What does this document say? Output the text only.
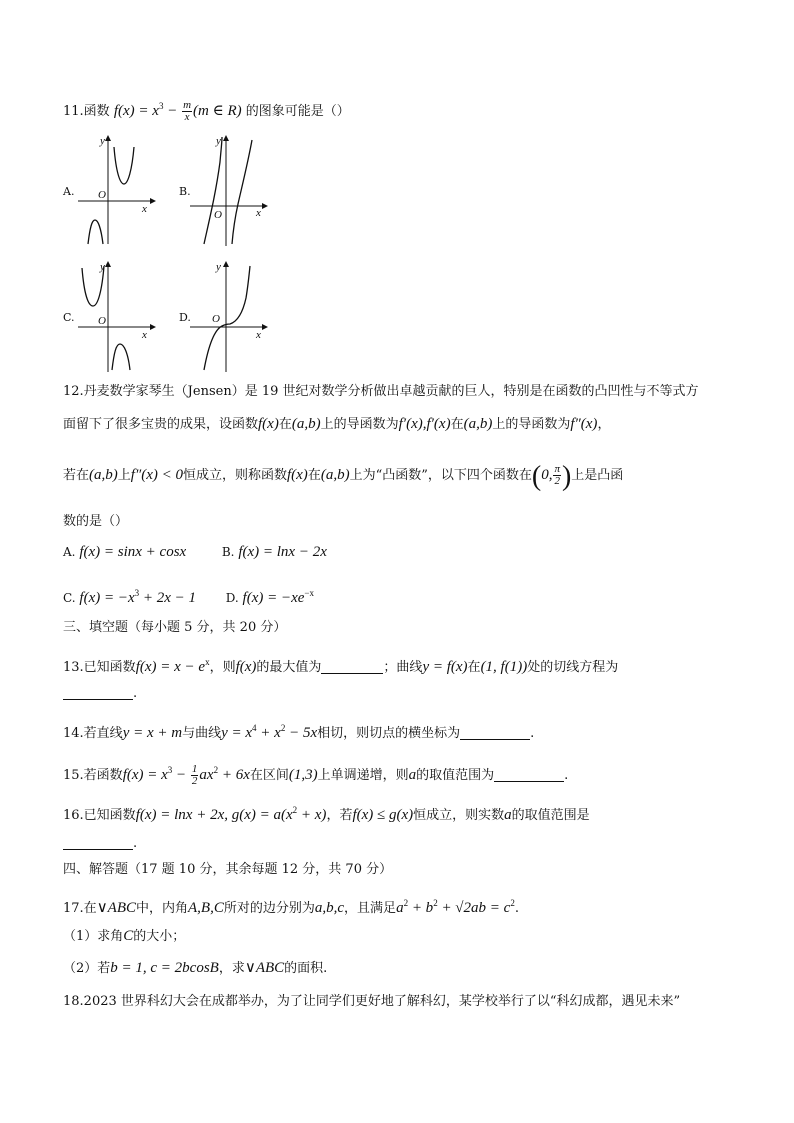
11.函数 $f(x) = x^3 - \frac{m}{x} (m$ ∈ R) 的图象可能是（）
A.	B.
C.	D.
y
x
O
y
x
O
y
x
O
y
x
O
12.丹麦数学家琴生（Jensen）是 19 世纪对数学分析做出卓越贡献的巨人，特别是在函数的凸凹性与不等式方
面留下了很多宝贵的成果，设函数f(x)在(a,b)上的导函数为f′(x),f′(x)在(a,b)上的导函数为f″(x)，
若在(a,b)上f″(x) < 0恒成立，则称函数f(x)在(a,b)上为“凸函数”，以下四个函数在(0, $\frac{\pi}{2}$ )上是凸函
数的是（）
A. f(x) = sinx + cosx	B. f(x) = lnx − 2x
C. $f(x) = -x^3 + 2x - 1$ D. $f(x) = -xe^{-x}$
三、填空题（每小题 5 分，共 20 分）
13.已知函数$f(x) = x - e^x$，则f(x)的最大值为	；曲线y = f(x)在(1, f(1))处的切线方程为
.
14.若直线y = x + m与曲线$y = x^4 + x^2 - 5x$相切，则切点的横坐标为	.
15.若函数$f(x) = x^3 - \frac{1}{2} ax^2 + 6x$在区间(1,3)上单调递增，则a的取值范围为	.
16.已知函数f(x) = lnx + 2x, $g(x) = a(x^2 + x)$，若f(x) ≤ g(x)恒成立，则实数a的取值范围是
.
四、解答题（17 题 10 分，其余每题 12 分，共 70 分）
17.在∨ABC中，内角A,B,C所对的边分别为a,b,c，且满足$a^2 + b^2 + √2ab = c^2$.
（1）求角C的大小；
（2）若b = 1, c = 2bcosB，求∨ABC的面积.
18.2023 世界科幻大会在成都举办，为了让同学们更好地了解科幻，某学校举行了以“科幻成都，遇见未来”
